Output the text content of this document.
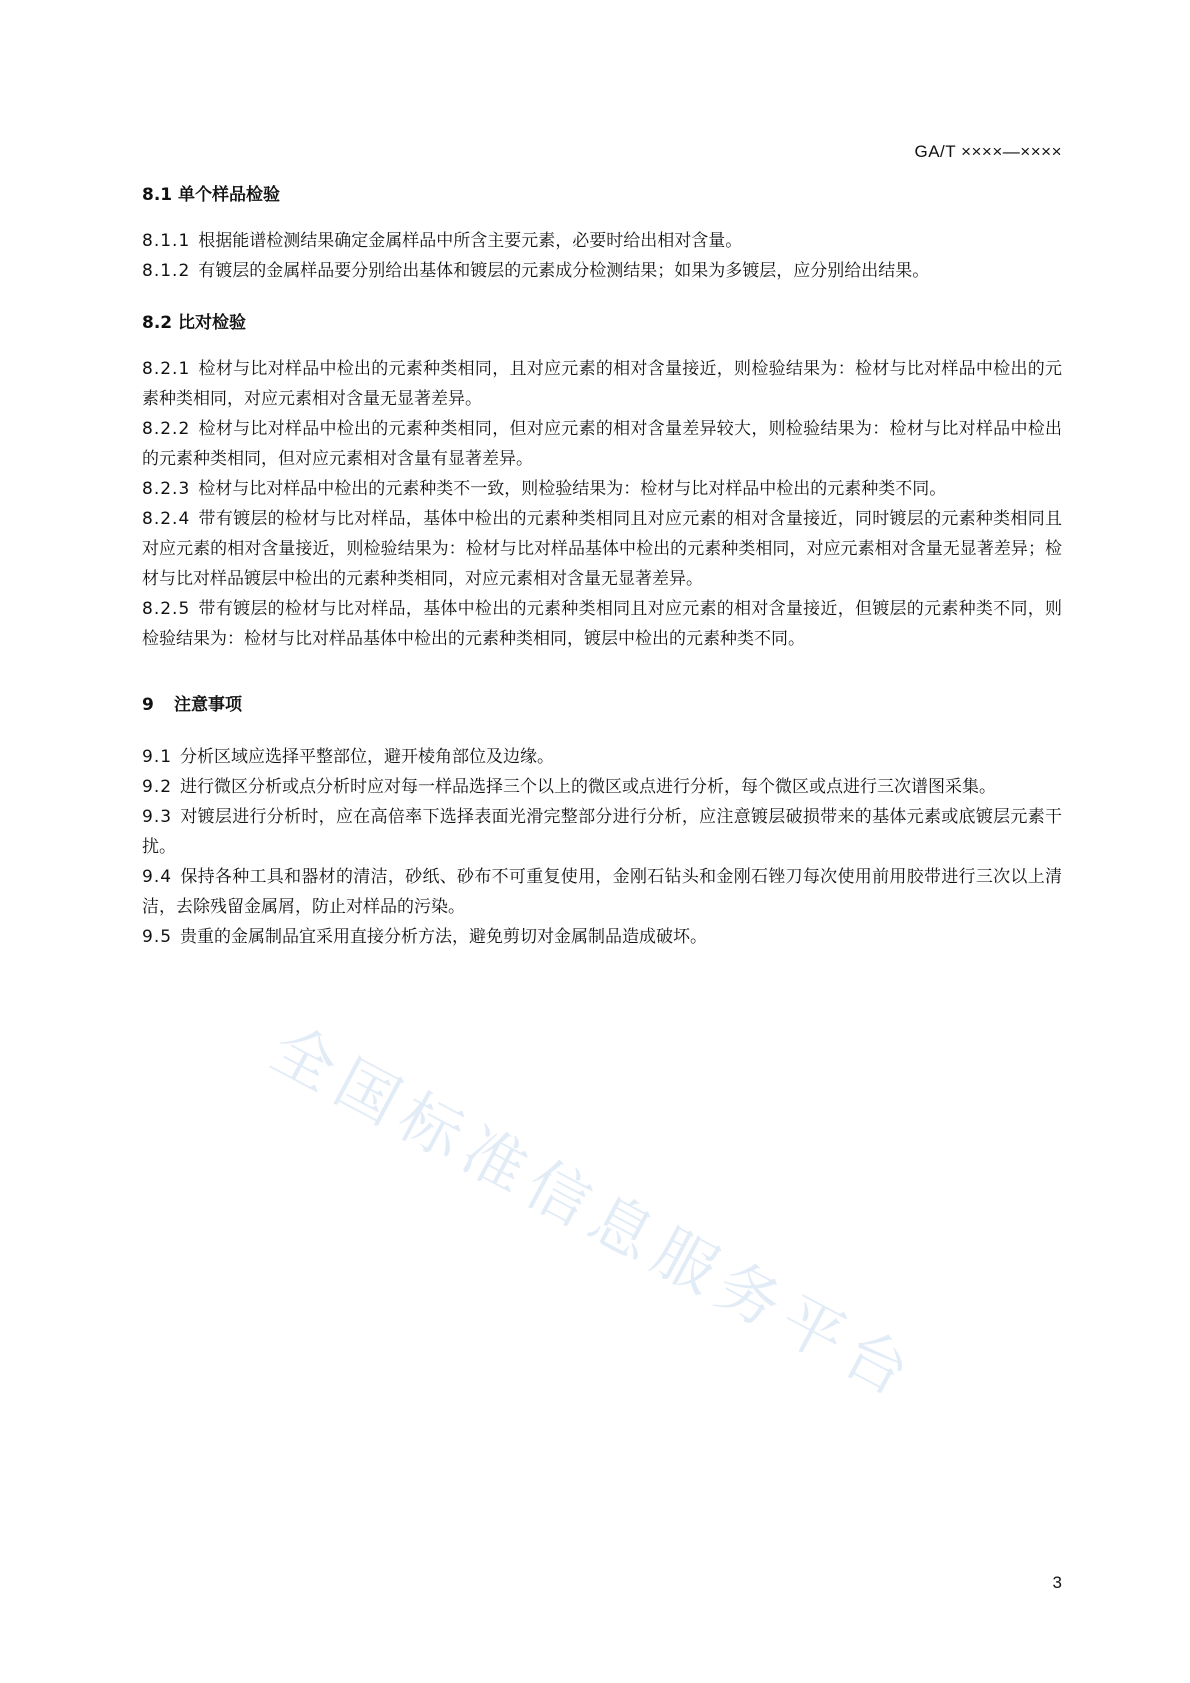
GA/T ××××—××××

8.1 单个样品检验

8.1.1 根据能谱检测结果确定金属样品中所含主要元素，必要时给出相对含量。

8.1.2 有镀层的金属样品要分别给出基体和镀层的元素成分检测结果；如果为多镀层，应分别给出结果。

8.2 比对检验

8.2.1 检材与比对样品中检出的元素种类相同，且对应元素的相对含量接近，则检验结果为：检材与比对样品中检出的元素种类相同，对应元素相对含量无显著差异。

8.2.2 检材与比对样品中检出的元素种类相同，但对应元素的相对含量差异较大，则检验结果为：检材与比对样品中检出的元素种类相同，但对应元素相对含量有显著差异。

8.2.3 检材与比对样品中检出的元素种类不一致，则检验结果为：检材与比对样品中检出的元素种类不同。

8.2.4 带有镀层的检材与比对样品，基体中检出的元素种类相同且对应元素的相对含量接近，同时镀层的元素种类相同且对应元素的相对含量接近，则检验结果为：检材与比对样品基体中检出的元素种类相同，对应元素相对含量无显著差异；检材与比对样品镀层中检出的元素种类相同，对应元素相对含量无显著差异。

8.2.5 带有镀层的检材与比对样品，基体中检出的元素种类相同且对应元素的相对含量接近，但镀层的元素种类不同，则检验结果为：检材与比对样品基体中检出的元素种类相同，镀层中检出的元素种类不同。

9 注意事项

9.1 分析区域应选择平整部位，避开棱角部位及边缘。

9.2 进行微区分析或点分析时应对每一样品选择三个以上的微区或点进行分析，每个微区或点进行三次谱图采集。

9.3 对镀层进行分析时，应在高倍率下选择表面光滑完整部分进行分析，应注意镀层破损带来的基体元素或底镀层元素干扰。

9.4 保持各种工具和器材的清洁，砂纸、砂布不可重复使用，金刚石钻头和金刚石锉刀每次使用前用胶带进行三次以上清洁，去除残留金属屑，防止对样品的污染。

9.5 贵重的金属制品宜采用直接分析方法，避免剪切对金属制品造成破坏。

全国标准信息服务平台
3
